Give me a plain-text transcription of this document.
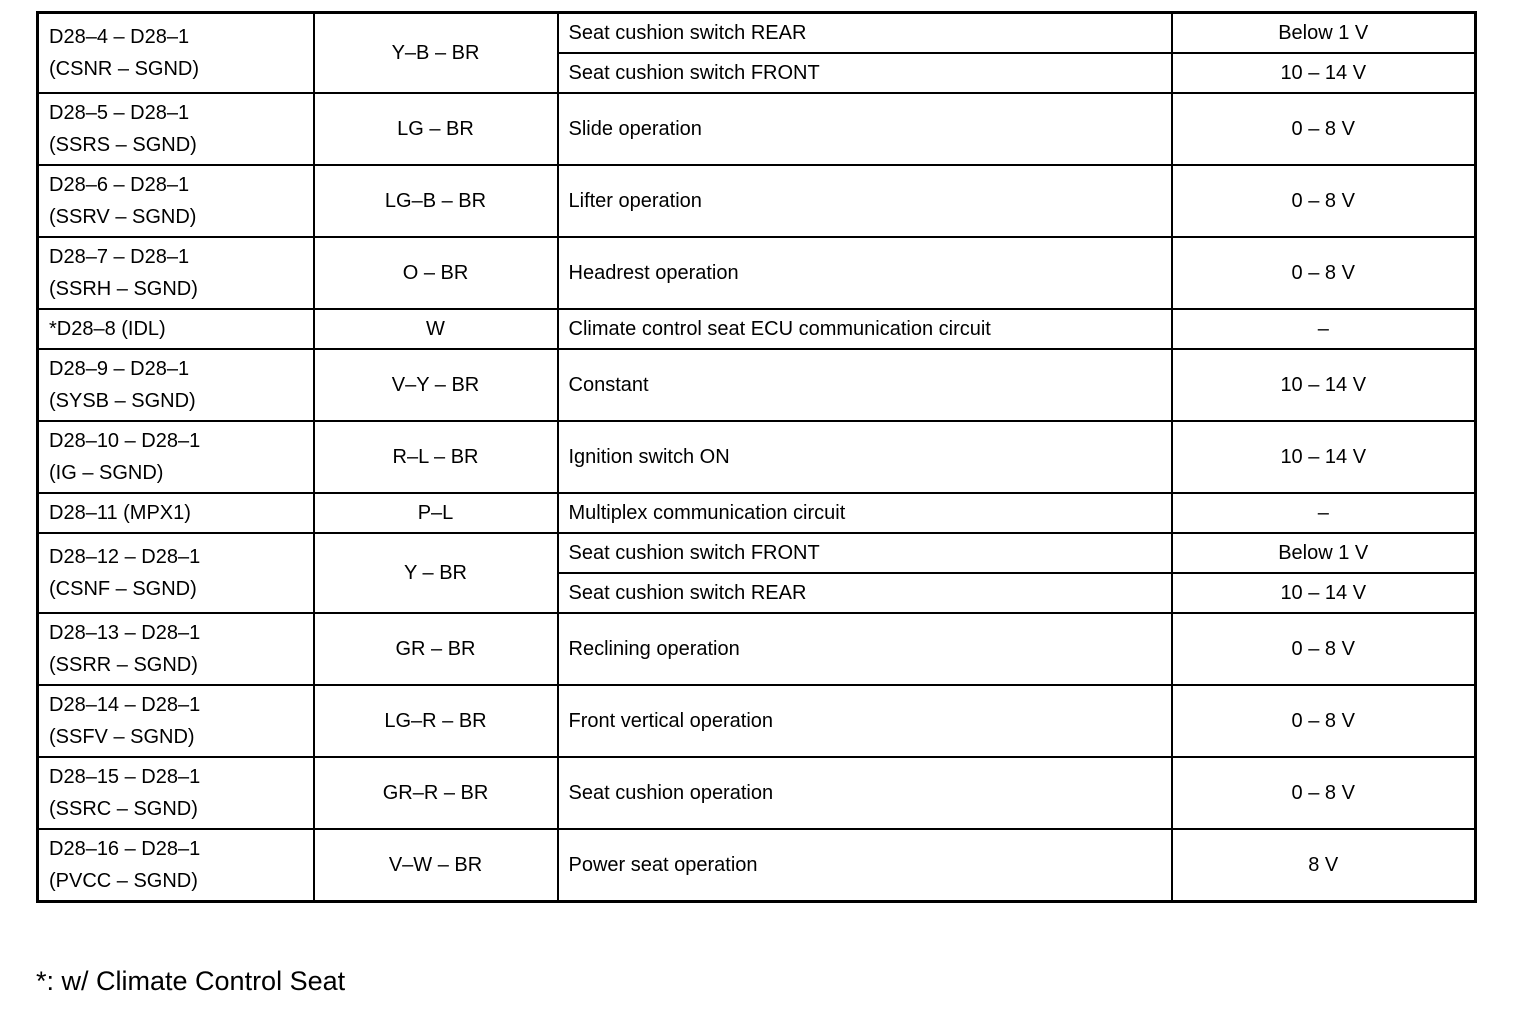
D28–4 – D28–1
(CSNR – SGND)	Y–B – BR	Seat cushion switch REAR	Below 1 V
		Seat cushion switch FRONT	10 – 14 V

D28–5 – D28–1
(SSRS – SGND)	LG – BR	Slide operation	0 – 8 V

D28–6 – D28–1
(SSRV – SGND)	LG–B – BR	Lifter operation	0 – 8 V

D28–7 – D28–1
(SSRH – SGND)	O – BR	Headrest operation	0 – 8 V

*D28–8 (IDL)	W	Climate control seat ECU communication circuit	–

D28–9 – D28–1
(SYSB – SGND)	V–Y – BR	Constant	10 – 14 V

D28–10 – D28–1
(IG – SGND)	R–L – BR	Ignition switch ON	10 – 14 V

D28–11 (MPX1)	P–L	Multiplex communication circuit	–

D28–12 – D28–1
(CSNF – SGND)	Y – BR	Seat cushion switch FRONT	Below 1 V
		Seat cushion switch REAR	10 – 14 V

D28–13 – D28–1
(SSRR – SGND)	GR – BR	Reclining operation	0 – 8 V

D28–14 – D28–1
(SSFV – SGND)	LG–R – BR	Front vertical operation	0 – 8 V

D28–15 – D28–1
(SSRC – SGND)	GR–R – BR	Seat cushion operation	0 – 8 V

D28–16 – D28–1
(PVCC – SGND)	V–W – BR	Power seat operation	8 V
*: w/ Climate Control Seat
